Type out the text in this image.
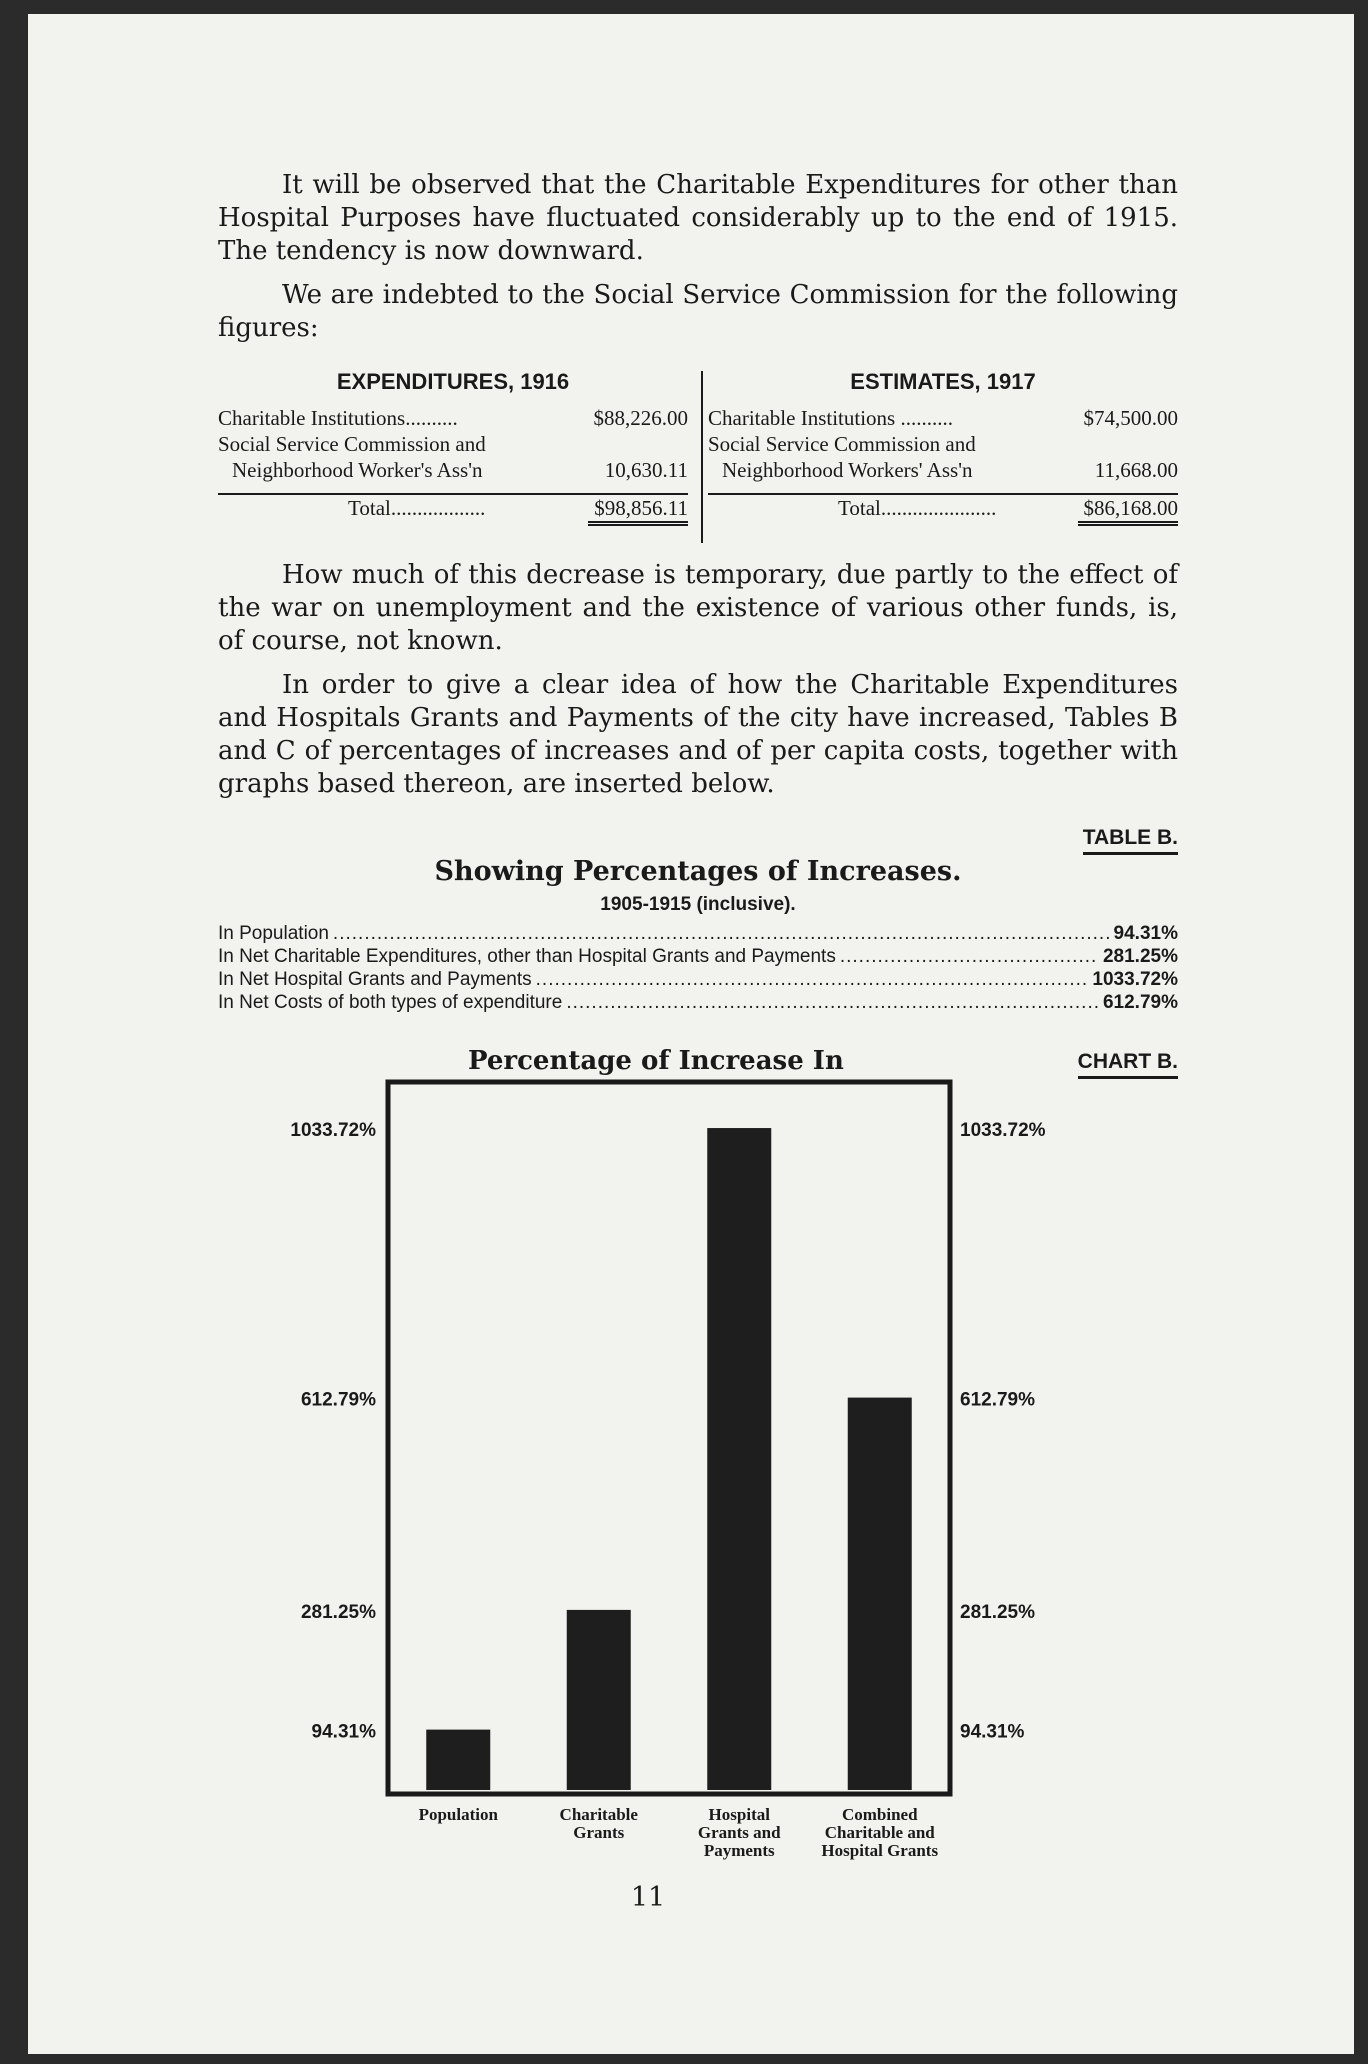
It will be observed that the Charitable Expenditures for other than Hospital Purposes have fluctuated considerably up to the end of 1915. The tendency is now downward.

We are indebted to the Social Service Commission for the following figures:

EXPENDITURES, 1916
Charitable Institutions..........	$88,226.00
Social Service Commission and
Neighborhood Worker's Ass'n	10,630.11
Total..................	$98,856.11
ESTIMATES, 1917
Charitable Institutions ..........	$74,500.00
Social Service Commission and
Neighborhood Workers' Ass'n	11,668.00
Total......................	$86,168.00

How much of this decrease is temporary, due partly to the effect of the war on unemployment and the existence of various other funds, is, of course, not known.

In order to give a clear idea of how the Charitable Expenditures and Hospitals Grants and Payments of the city have increased, Tables B and C of percentages of increases and of per capita costs, together with graphs based thereon, are inserted below.

TABLE B.
Showing Percentages of Increases.
1905-1915 (inclusive).
In Population .....	94.31%
In Net Charitable Expenditures, other than Hospital Grants and Payments .....	281.25%
In Net Hospital Grants and Payments .....	1033.72%
In Net Costs of both types of expenditure .....	612.79%
Percentage of Increase In	CHART B.
Population	Charitable Grants
Hospital Grants and Payments
Combined Charitable and Hospital Grants
1033.72%	1033.72%
612.79%	612.79%
281.25%	281.25%
94.31%	94.31%
11
